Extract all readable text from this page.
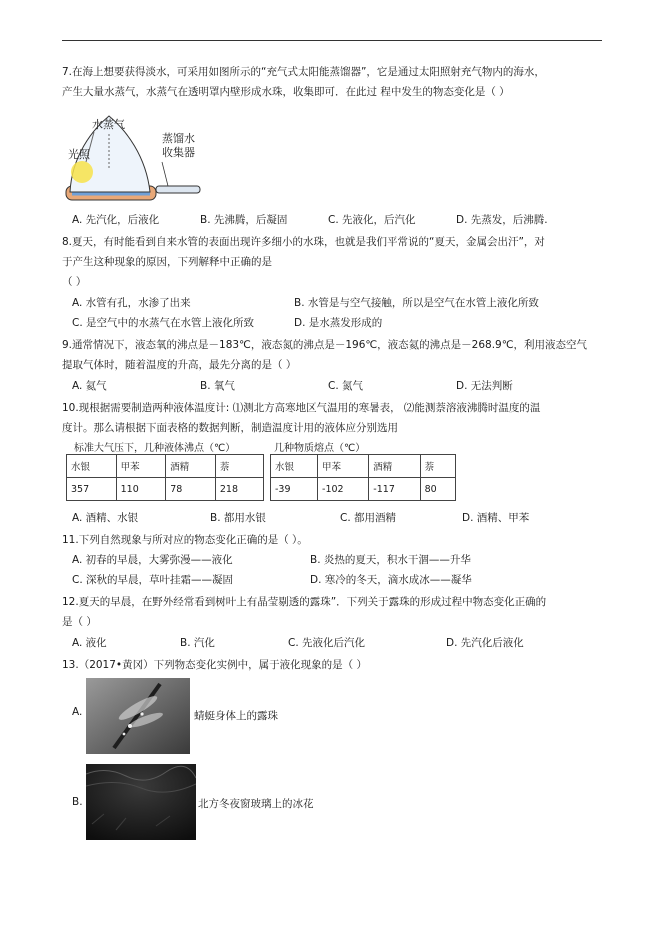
7.在海上想要获得淡水，可采用如图所示的“充气式太阳能蒸馏器”，它是通过太阳照射充气物内的海水，
产生大量水蒸气，水蒸气在透明罩内壁形成水珠，收集即可．在此过 程中发生的物态变化是（ ）
水蒸气
光照
蒸馏水
收集器
A. 先汽化，后液化	B. 先沸腾，后凝固	C. 先液化，后汽化	D. 先蒸发，后沸腾.
8.夏天，有时能看到自来水管的表面出现许多细小的水珠，也就是我们平常说的“夏天，金属会出汗”，对
于产生这种现象的原因，下列解释中正确的是
（ ）
A. 水管有孔，水渗了出来	B. 水管是与空气接触，所以是空气在水管上液化所致
C. 是空气中的水蒸气在水管上液化所致	D. 是水蒸发形成的
9.通常情况下，液态氧的沸点是－183℃，液态氮的沸点是－196℃，液态氦的沸点是－268.9℃，利用液态空气
提取气体时，随着温度的升高，最先分离的是（ ）
A. 氦气	B. 氧气	C. 氮气	D. 无法判断
10.现根据需要制造两种液体温度计: ⑴测北方高寒地区气温用的寒暑表， ⑵能测萘溶液沸腾时温度的温
度计。那么请根据下面表格的数据判断，制造温度计用的液体应分别选用
标准大气压下，几种液体沸点（℃）
水银	甲苯	酒精	萘
357	110	78	218
几种物质熔点（℃）
水银	甲苯	酒精	萘
-39	-102	-117	80
A. 酒精、水银	B. 都用水银	C. 都用酒精	D. 酒精、甲苯
11.下列自然现象与所对应的物态变化正确的是（ ）。
A. 初春的早晨，大雾弥漫——液化	B. 炎热的夏天，积水干涸——升华
C. 深秋的早晨，草叶挂霜——凝固	D. 寒冷的冬天，滴水成冰——凝华
12.夏天的早晨，在野外经常看到树叶上有晶莹剔透的露珠”．下列关于露珠的形成过程中物态变化正确的
是（ ）
A. 液化	B. 汽化	C. 先液化后汽化	D. 先汽化后液化
13.（2017•黄冈）下列物态变化实例中，属于液化现象的是（ ）
A.	蜻蜓身体上的露珠
B.	北方冬夜窗玻璃上的冰花
